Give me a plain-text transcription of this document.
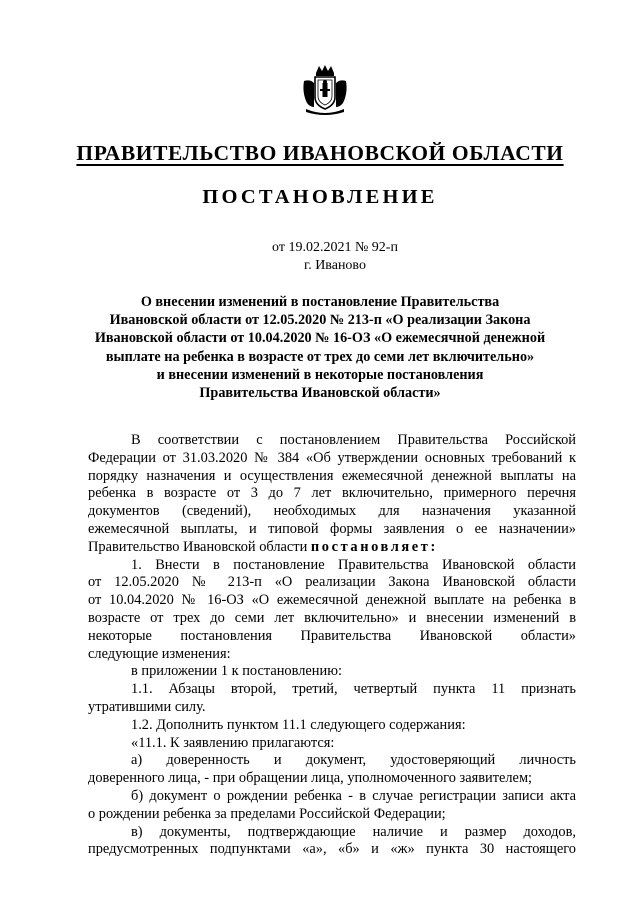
ПРАВИТЕЛЬСТВО ИВАНОВСКОЙ ОБЛАСТИ
ПОСТАНОВЛЕНИЕ
от 19.02.2021 № 92-п
г. Иваново
О внесении изменений в постановление Правительства
Ивановской области от 12.05.2020 № 213-п «О реализации Закона
Ивановской области от 10.04.2020 № 16-ОЗ «О ежемесячной денежной
выплате на ребенка в возрасте от трех до семи лет включительно»
и внесении изменений в некоторые постановления
Правительства Ивановской области»
В соответствии с постановлением Правительства Российской
Федерации от 31.03.2020 № 384 «Об утверждении основных требований к
порядку назначения и осуществления ежемесячной денежной выплаты на
ребенка в возрасте от 3 до 7 лет включительно, примерного перечня
документов (сведений), необходимых для назначения указанной
ежемесячной выплаты, и типовой формы заявления о ее назначении»
Правительство Ивановской области постановляет:
1. Внести в постановление Правительства Ивановской области
от 12.05.2020 № 213-п «О реализации Закона Ивановской области
от 10.04.2020 № 16-ОЗ «О ежемесячной денежной выплате на ребенка в
возрасте от трех до семи лет включительно» и внесении изменений в
некоторые постановления Правительства Ивановской области»
следующие изменения:
в приложении 1 к постановлению:
1.1. Абзацы второй, третий, четвертый пункта 11 признать
утратившими силу.
1.2. Дополнить пунктом 11.1 следующего содержания:
«11.1. К заявлению прилагаются:
а) доверенность и документ, удостоверяющий личность
доверенного лица, - при обращении лица, уполномоченного заявителем;
б) документ о рождении ребенка - в случае регистрации записи акта
о рождении ребенка за пределами Российской Федерации;
в) документы, подтверждающие наличие и размер доходов,
предусмотренных подпунктами «а», «б» и «ж» пункта 30 настоящего
